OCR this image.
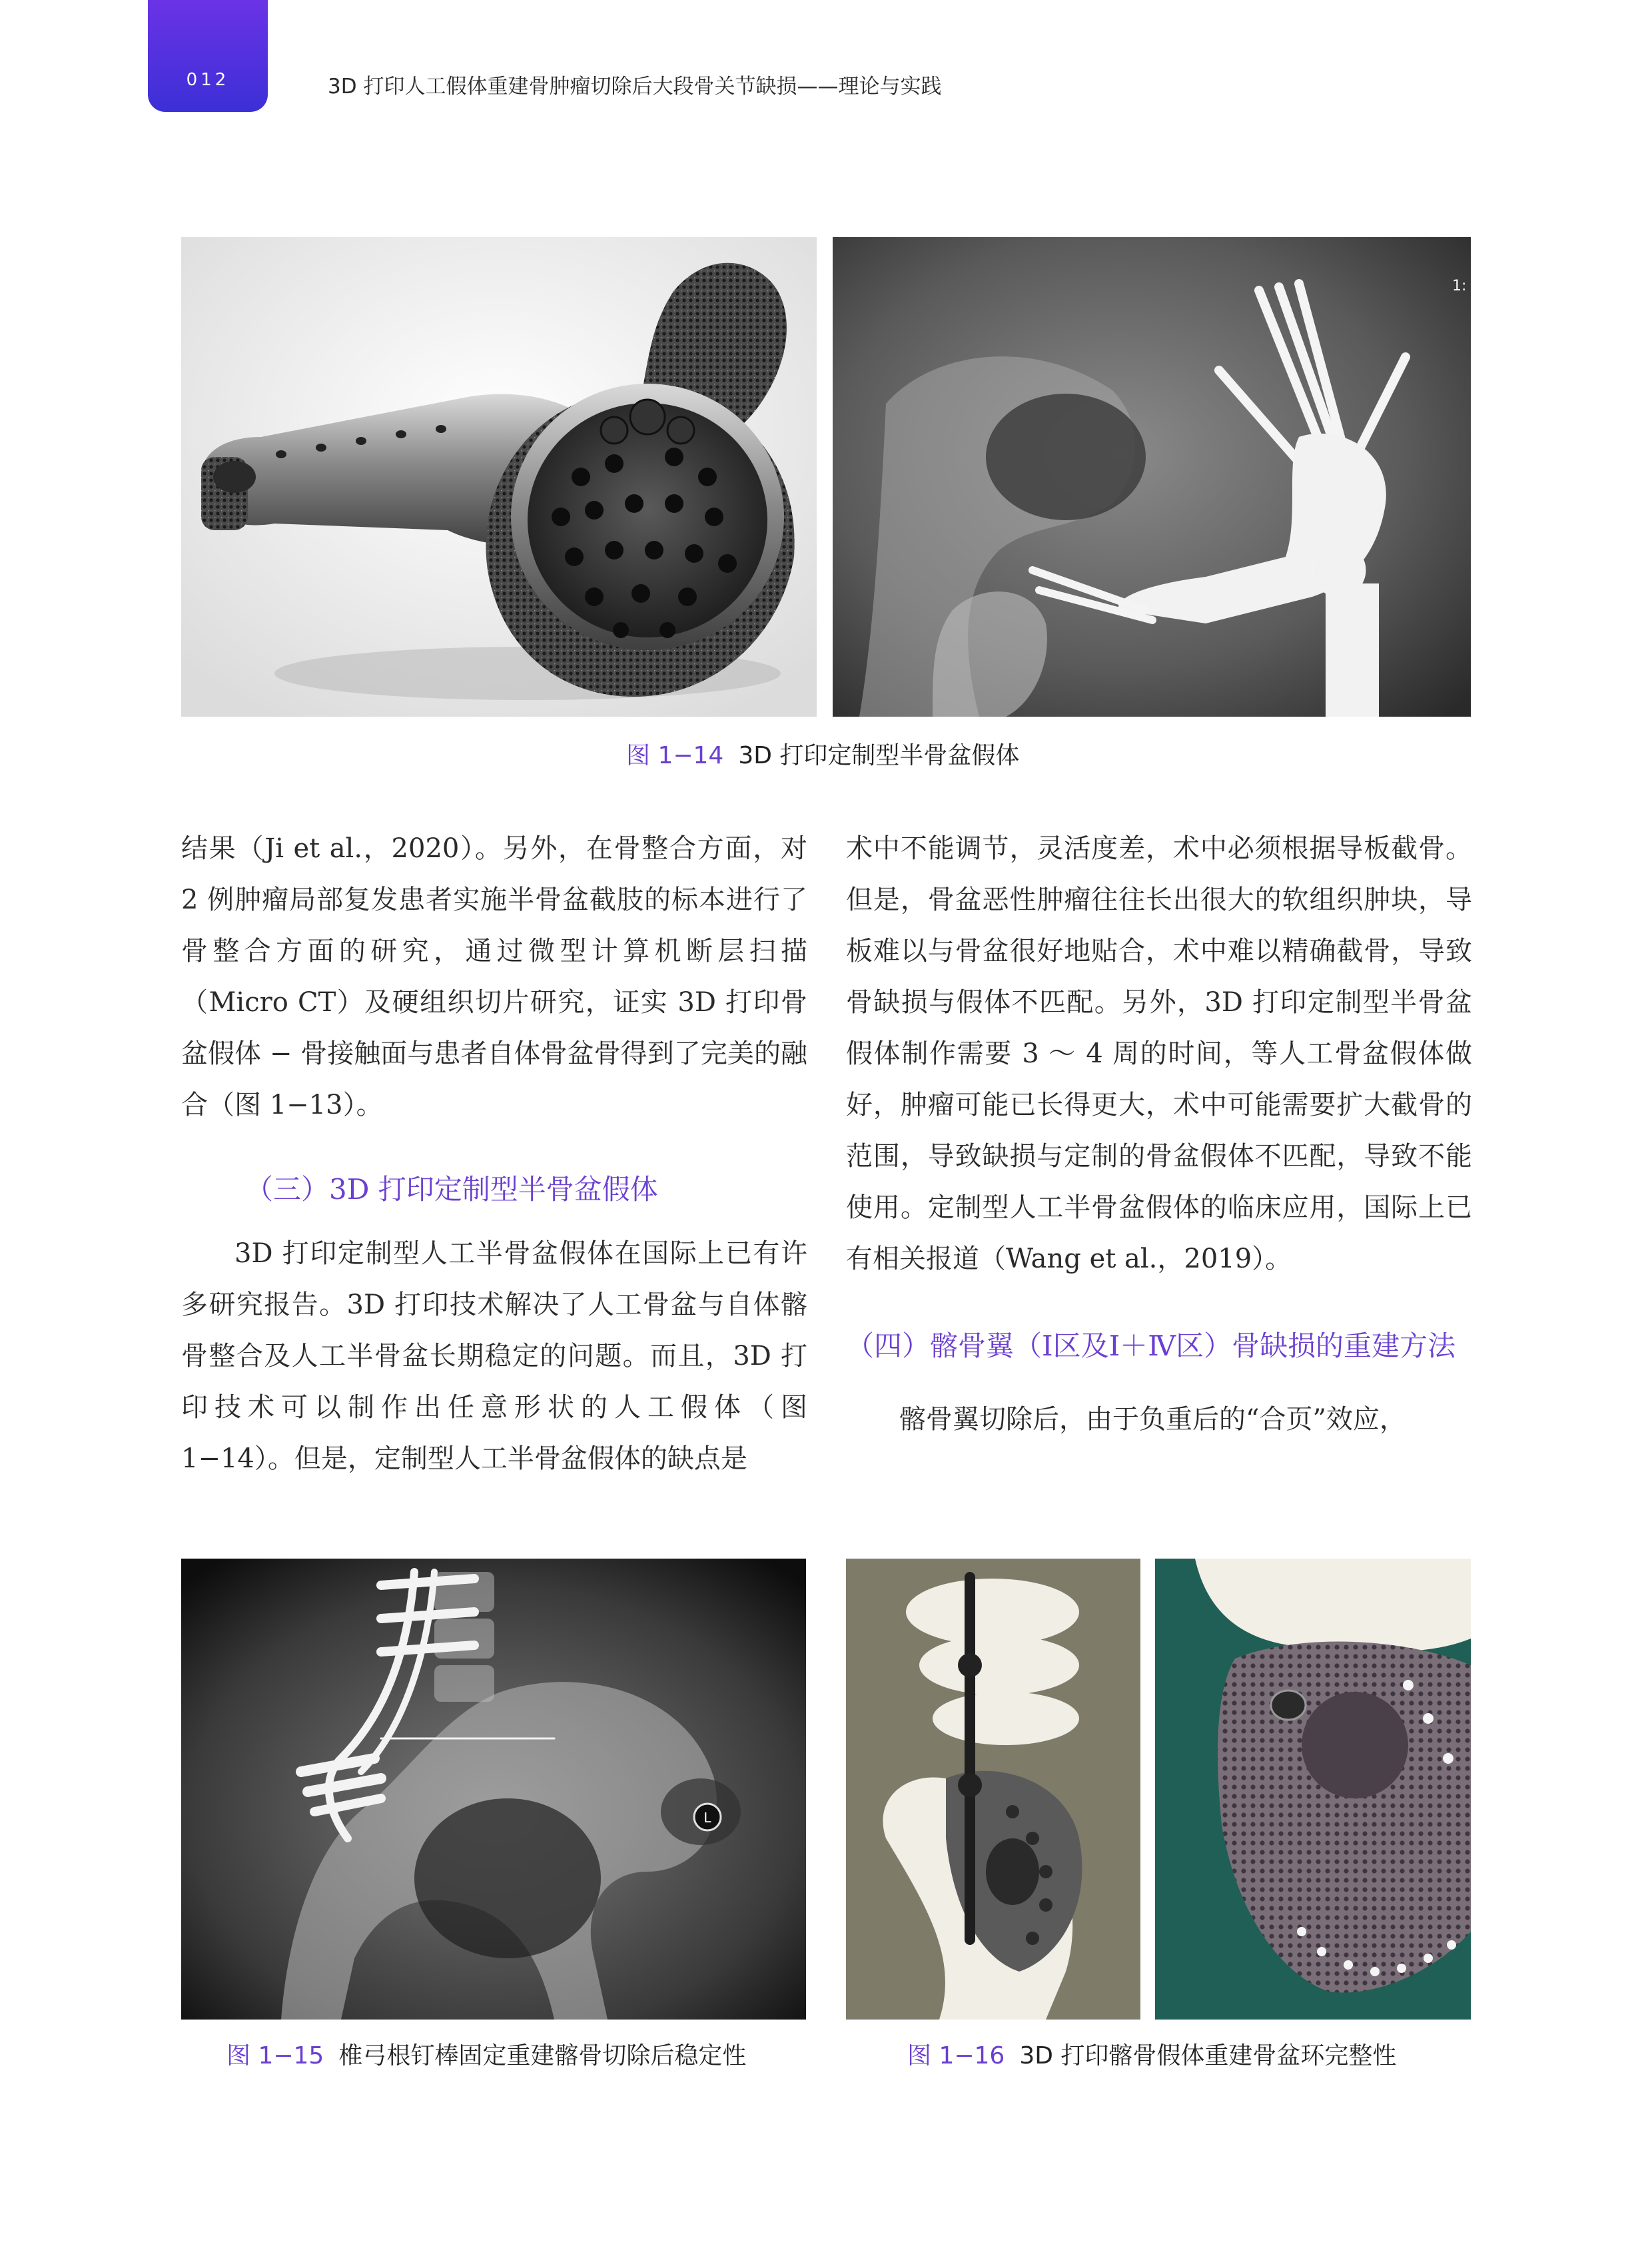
012	3D 打印人工假体重建骨肿瘤切除后大段骨关节缺损——理论与实践
1:
图 1−14 3D 打印定制型半骨盆假体

结果（Ji et al.，2020）。另外，在骨整合方面，对 2 例肿瘤局部复发患者实施半骨盆截肢的标本进行了骨整合方面的研究，通过微型计算机断层扫描（Micro CT）及硬组织切片研究，证实 3D 打印骨盆假体 − 骨接触面与患者自体骨盆骨得到了完美的融合（图 1−13）。

（三）3D 打印定制型半骨盆假体

3D 打印定制型人工半骨盆假体在国际上已有许多研究报告。3D 打印技术解决了人工骨盆与自体髂骨整合及人工半骨盆长期稳定的问题。而且，3D 打印技术可以制作出任意形状的人工假体（图 1−14）。但是，定制型人工半骨盆假体的缺点是

术中不能调节，灵活度差，术中必须根据导板截骨。但是，骨盆恶性肿瘤往往长出很大的软组织肿块，导板难以与骨盆很好地贴合，术中难以精确截骨，导致骨缺损与假体不匹配。另外，3D 打印定制型半骨盆假体制作需要 3 ～ 4 周的时间，等人工骨盆假体做好，肿瘤可能已长得更大，术中可能需要扩大截骨的范围，导致缺损与定制的骨盆假体不匹配，导致不能使用。定制型人工半骨盆假体的临床应用，国际上已有相关报道（Wang et al.，2019）。

（四）髂骨翼（Ⅰ区及Ⅰ＋Ⅳ区）骨缺损的重建方法

髂骨翼切除后，由于负重后的“合页”效应，

L
图 1−15 椎弓根钉棒固定重建髂骨切除后稳定性	图 1−16 3D 打印髂骨假体重建骨盆环完整性
